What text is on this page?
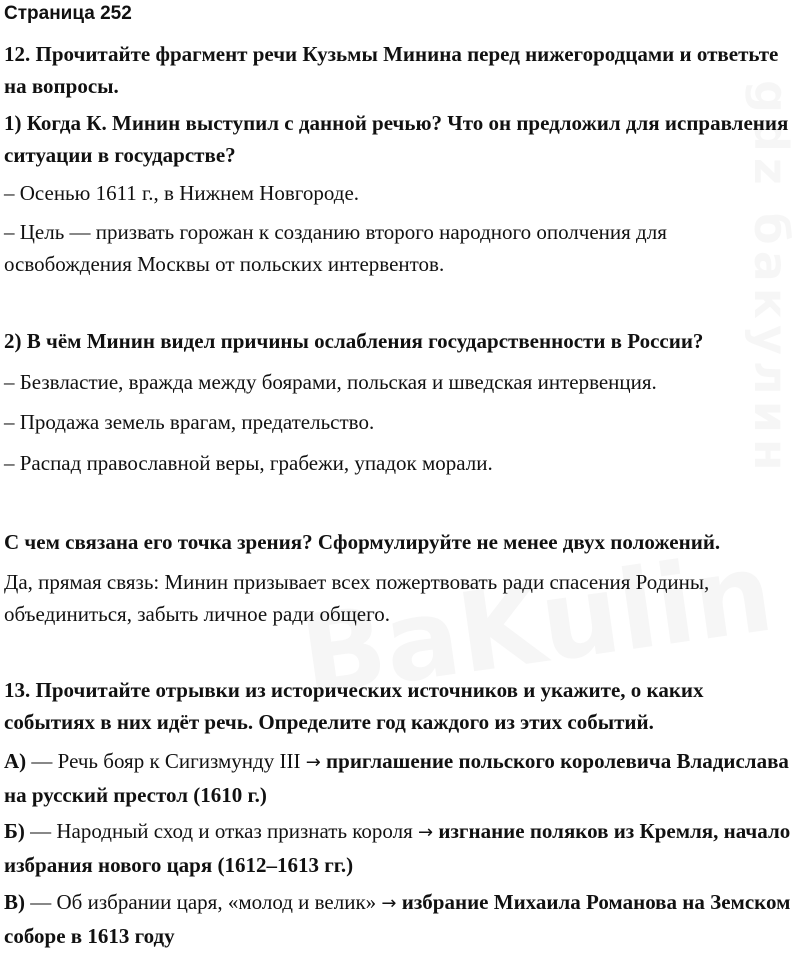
Страница 252
12. Прочитайте фрагмент речи Кузьмы Минина перед нижегородцами и ответьте на вопросы.
1) Когда К. Минин выступил с данной речью? Что он предложил для исправления ситуации в государстве?
– Осенью 1611 г., в Нижнем Новгороде.
– Цель — призвать горожан к созданию второго народного ополчения для освобождения Москвы от польских интервентов.
2) В чём Минин видел причины ослабления государственности в России?
– Безвластие, вражда между боярами, польская и шведская интервенция.
– Продажа земель врагам, предательство.
– Распад православной веры, грабежи, упадок морали.
С чем связана его точка зрения? Сформулируйте не менее двух положений.
Да, прямая связь: Минин призывает всех пожертвовать ради спасения Родины, объединиться, забыть личное ради общего.
13. Прочитайте отрывки из исторических источников и укажите, о каких событиях в них идёт речь. Определите год каждого из этих событий.
А) — Речь бояр к Сигизмунду III → приглашение польского королевича Владислава на русский престол (1610 г.)
Б) — Народный сход и отказ признать короля → изгнание поляков из Кремля, начало избрания нового царя (1612–1613 гг.)
В) — Об избрании царя, «молод и велик» → избрание Михаила Романова на Земском соборе в 1613 году
